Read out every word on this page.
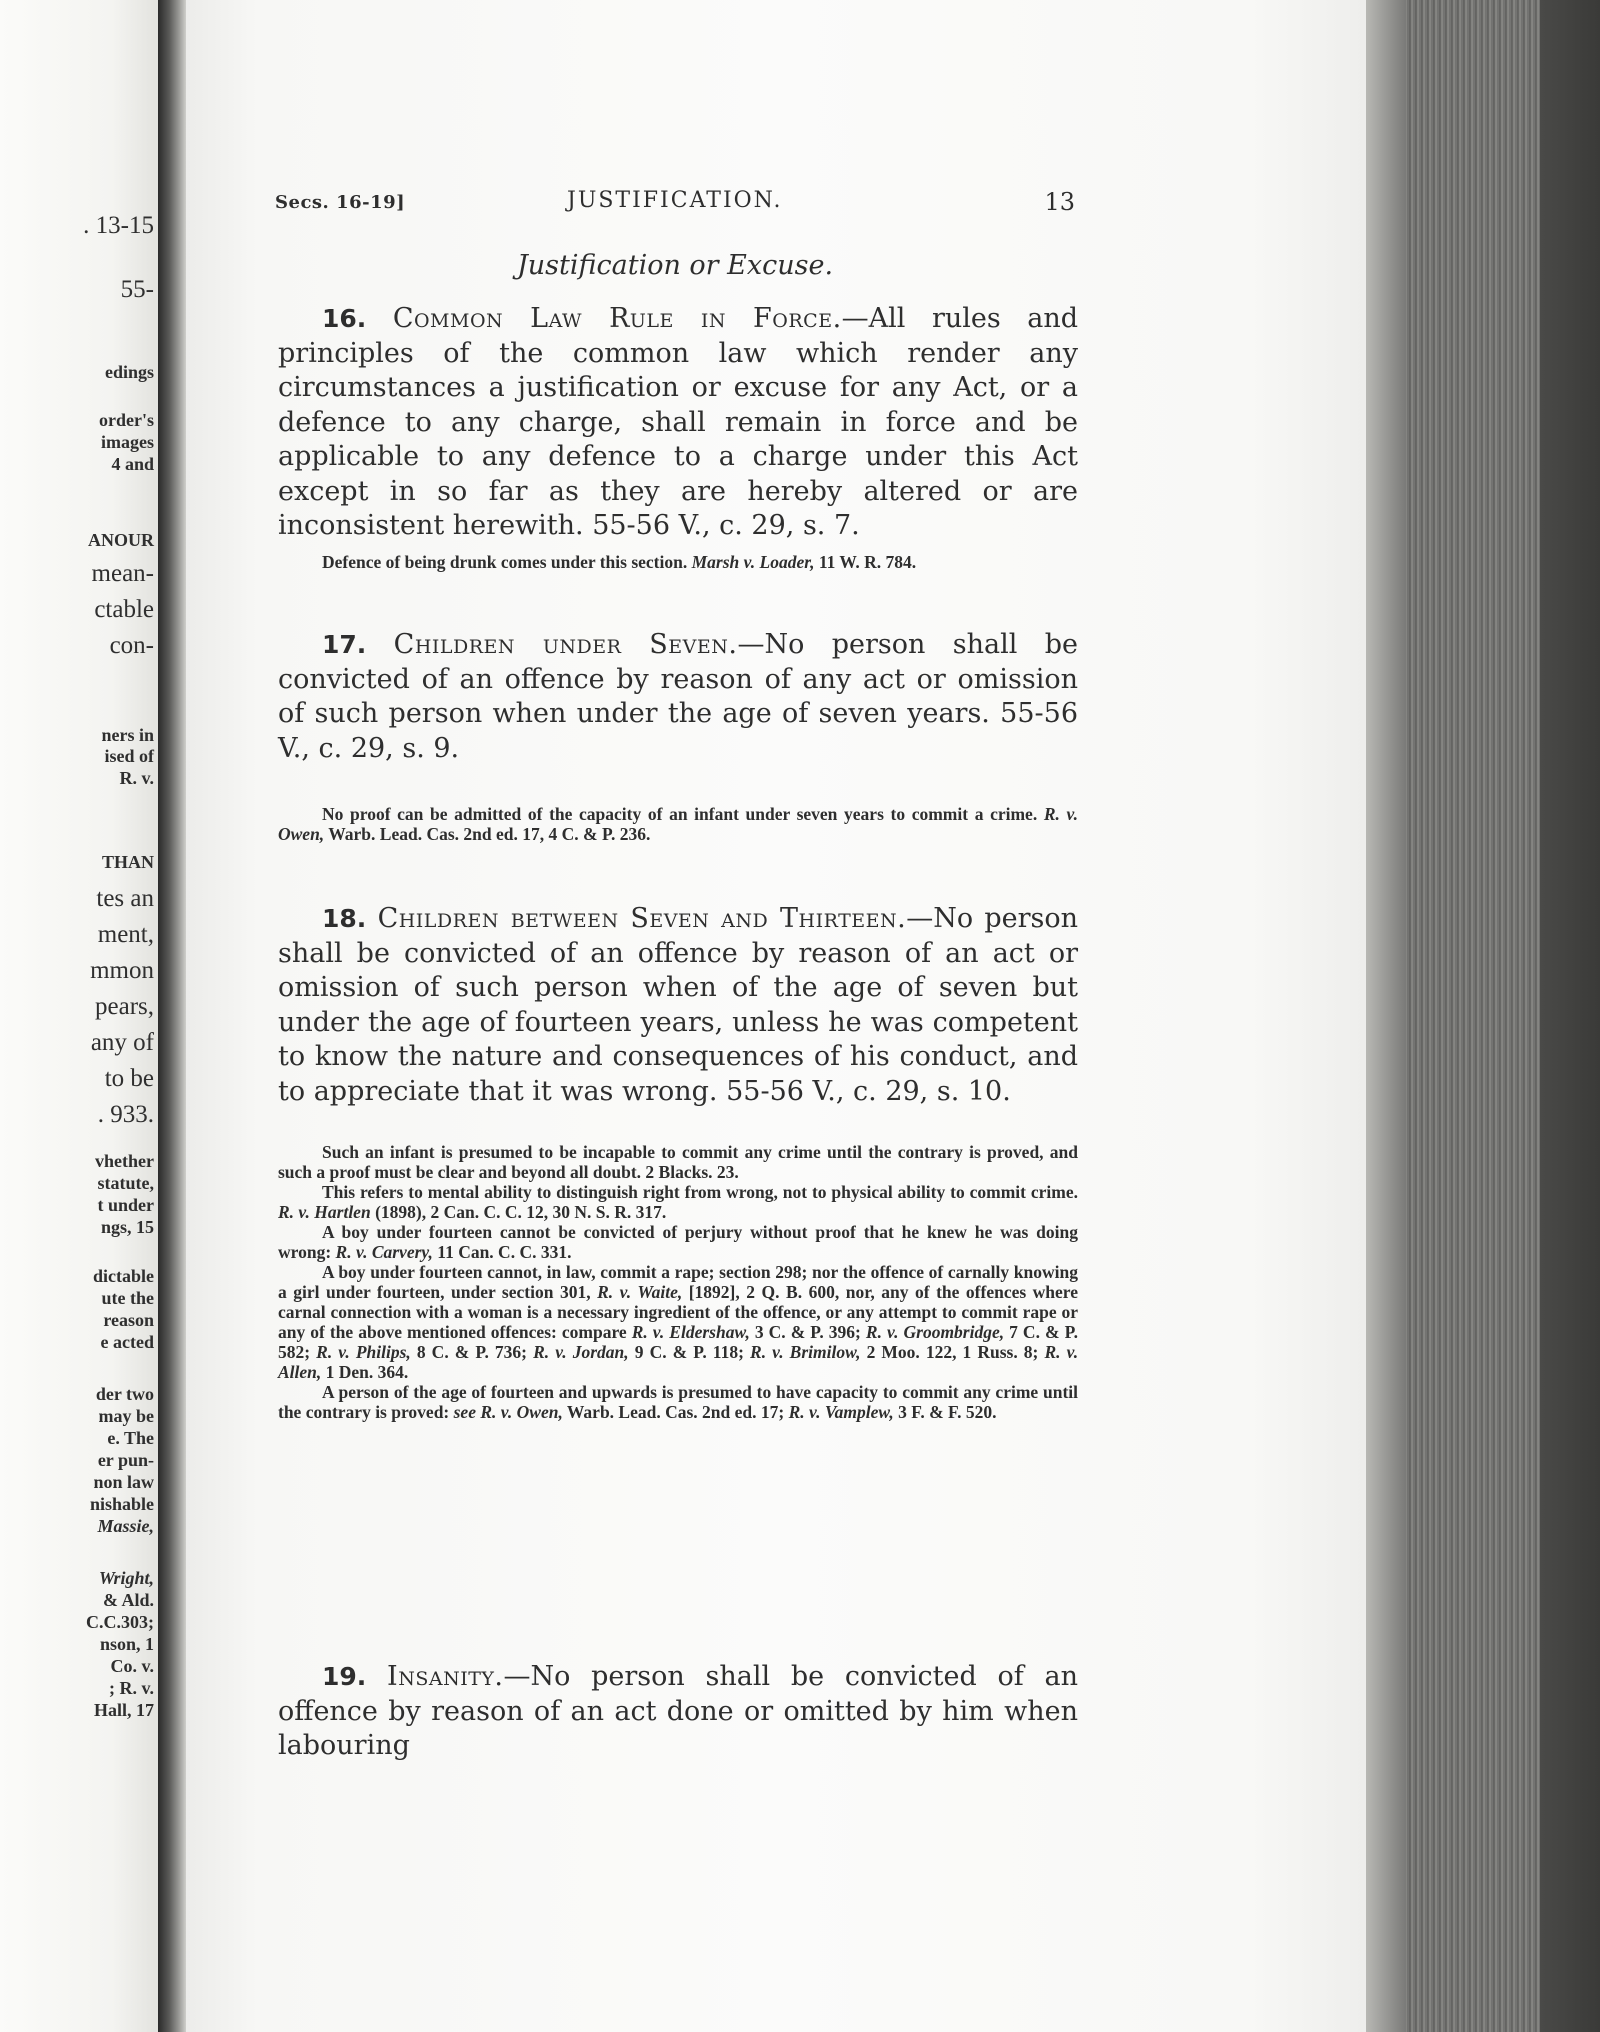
. 13-15
55-
edings
order's
images
4 and
ANOUR
mean-
ctable
con-
ners in
ised of
R. v.
THAN
tes an
ment,
mmon
pears,
any of
to be
. 933.
vhether
statute,
t under
ngs, 15
dictable
ute the
reason
e acted
der two
may be
e. The
er pun-
non law
nishable
Massie,
Wright,
& Ald.
C.C.303;
nson, 1
Co. v.
; R. v.
Hall, 17
Secs. 16-19]	JUSTIFICATION.	13
Justification or Excuse.

16. Common Law Rule in Force.—All rules and principles of the common law which render any circumstances a justification or excuse for any Act, or a defence to any charge, shall remain in force and be applicable to any defence to a charge under this Act except in so far as they are hereby altered or are inconsistent herewith. 55-56 V., c. 29, s. 7.

Defence of being drunk comes under this section. Marsh v. Loader, 11 W. R. 784.

17. Children under Seven.—No person shall be convicted of an offence by reason of any act or omission of such person when under the age of seven years. 55-56 V., c. 29, s. 9.

No proof can be admitted of the capacity of an infant under seven years to commit a crime. R. v. Owen, Warb. Lead. Cas. 2nd ed. 17, 4 C. & P. 236.

18. Children between Seven and Thirteen.—No person shall be convicted of an offence by reason of an act or omission of such person when of the age of seven but under the age of fourteen years, unless he was competent to know the nature and consequences of his conduct, and to appreciate that it was wrong. 55-56 V., c. 29, s. 10.

Such an infant is presumed to be incapable to commit any crime until the contrary is proved, and such a proof must be clear and beyond all doubt. 2 Blacks. 23.

This refers to mental ability to distinguish right from wrong, not to physical ability to commit crime. R. v. Hartlen (1898), 2 Can. C. C. 12, 30 N. S. R. 317.

A boy under fourteen cannot be convicted of perjury without proof that he knew he was doing wrong: R. v. Carvery, 11 Can. C. C. 331.

A boy under fourteen cannot, in law, commit a rape; section 298; nor the offence of carnally knowing a girl under fourteen, under section 301, R. v. Waite, [1892], 2 Q. B. 600, nor, any of the offences where carnal connection with a woman is a necessary ingredient of the offence, or any attempt to commit rape or any of the above mentioned offences: compare R. v. Eldershaw, 3 C. & P. 396; R. v. Groombridge, 7 C. & P. 582; R. v. Philips, 8 C. & P. 736; R. v. Jordan, 9 C. & P. 118; R. v. Brimilow, 2 Moo. 122, 1 Russ. 8; R. v. Allen, 1 Den. 364.

A person of the age of fourteen and upwards is presumed to have capacity to commit any crime until the contrary is proved: see R. v. Owen, Warb. Lead. Cas. 2nd ed. 17; R. v. Vamplew, 3 F. & F. 520.

19. Insanity.—No person shall be convicted of an offence by reason of an act done or omitted by him when labouring
